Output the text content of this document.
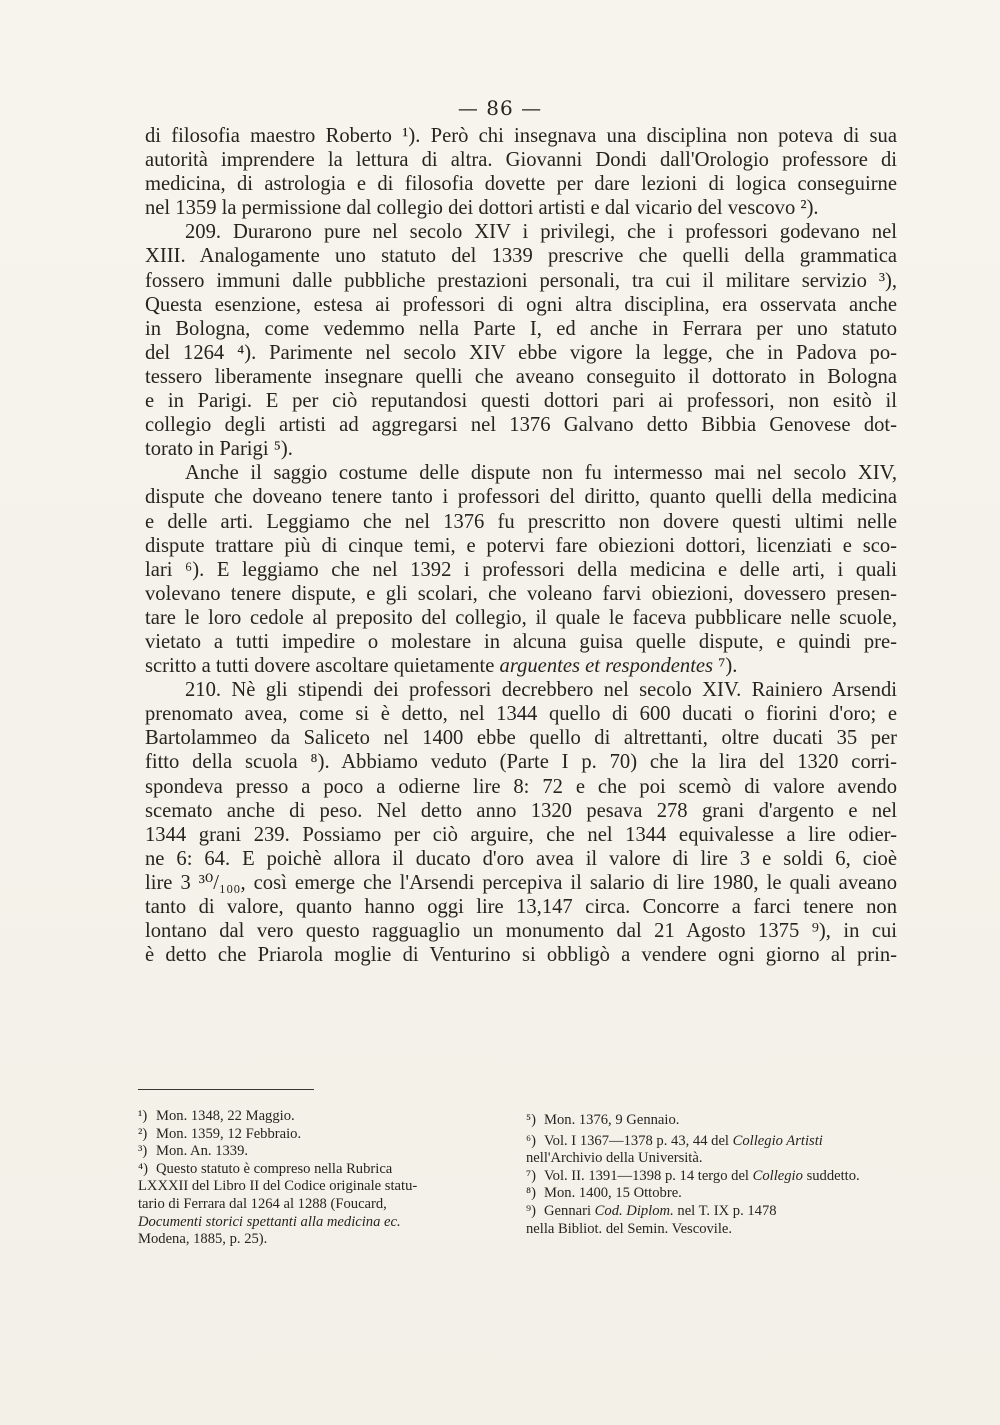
— 86 —
di filosofia maestro Roberto ¹). Però chi insegnava una disciplina non poteva di sua
autorità imprendere la lettura di altra. Giovanni Dondi dall'Orologio professore di
medicina, di astrologia e di filosofia dovette per dare lezioni di logica conseguirne
nel 1359 la permissione dal collegio dei dottori artisti e dal vicario del vescovo ²).
209. Durarono pure nel secolo XIV i privilegi, che i professori godevano nel
XIII. Analogamente uno statuto del 1339 prescrive che quelli della grammatica
fossero immuni dalle pubbliche prestazioni personali, tra cui il militare servizio ³),
Questa esenzione, estesa ai professori di ogni altra disciplina, era osservata anche
in Bologna, come vedemmo nella Parte I, ed anche in Ferrara per uno statuto
del 1264 ⁴). Parimente nel secolo XIV ebbe vigore la legge, che in Padova po-
tessero liberamente insegnare quelli che aveano conseguito il dottorato in Bologna
e in Parigi. E per ciò reputandosi questi dottori pari ai professori, non esitò il
collegio degli artisti ad aggregarsi nel 1376 Galvano detto Bibbia Genovese dot-
torato in Parigi ⁵).
Anche il saggio costume delle dispute non fu intermesso mai nel secolo XIV,
dispute che doveano tenere tanto i professori del diritto, quanto quelli della medicina
e delle arti. Leggiamo che nel 1376 fu prescritto non dovere questi ultimi nelle
dispute trattare più di cinque temi, e potervi fare obiezioni dottori, licenziati e sco-
lari ⁶). E leggiamo che nel 1392 i professori della medicina e delle arti, i quali
volevano tenere dispute, e gli scolari, che voleano farvi obiezioni, dovessero presen-
tare le loro cedole al preposito del collegio, il quale le faceva pubblicare nelle scuole,
vietato a tutti impedire o molestare in alcuna guisa quelle dispute, e quindi pre-
scritto a tutti dovere ascoltare quietamente arguentes et respondentes ⁷).
210. Nè gli stipendi dei professori decrebbero nel secolo XIV. Rainiero Arsendi
prenomato avea, come si è detto, nel 1344 quello di 600 ducati o fiorini d'oro; e
Bartolammeo da Saliceto nel 1400 ebbe quello di altrettanti, oltre ducati 35 per
fitto della scuola ⁸). Abbiamo veduto (Parte I p. 70) che la lira del 1320 corri-
spondeva presso a poco a odierne lire 8: 72 e che poi scemò di valore avendo
scemato anche di peso. Nel detto anno 1320 pesava 278 grani d'argento e nel
1344 grani 239. Possiamo per ciò arguire, che nel 1344 equivalesse a lire odier-
ne 6: 64. E poichè allora il ducato d'oro avea il valore di lire 3 e soldi 6, cioè
lire 3 ³⁰/₁₀₀, così emerge che l'Arsendi percepiva il salario di lire 1980, le quali aveano
tanto di valore, quanto hanno oggi lire 13,147 circa. Concorre a farci tenere non
lontano dal vero questo ragguaglio un monumento dal 21 Agosto 1375 ⁹), in cui
è detto che Priarola moglie di Venturino si obbligò a vendere ogni giorno al prin-
¹) Mon. 1348, 22 Maggio.
²) Mon. 1359, 12 Febbraio.
³) Mon. An. 1339.
⁴) Questo statuto è compreso nella Rubrica
LXXXII del Libro II del Codice originale statu-
tario di Ferrara dal 1264 al 1288 (Foucard,
Documenti storici spettanti alla medicina ec.
Modena, 1885, p. 25).
⁵) Mon. 1376, 9 Gennaio.
⁶) Vol. I 1367—1378 p. 43, 44 del Collegio Artisti
nell'Archivio della Università.
⁷) Vol. II. 1391—1398 p. 14 tergo del Collegio suddetto.
⁸) Mon. 1400, 15 Ottobre.
⁹) Gennari Cod. Diplom. nel T. IX p. 1478
nella Bibliot. del Semin. Vescovile.
